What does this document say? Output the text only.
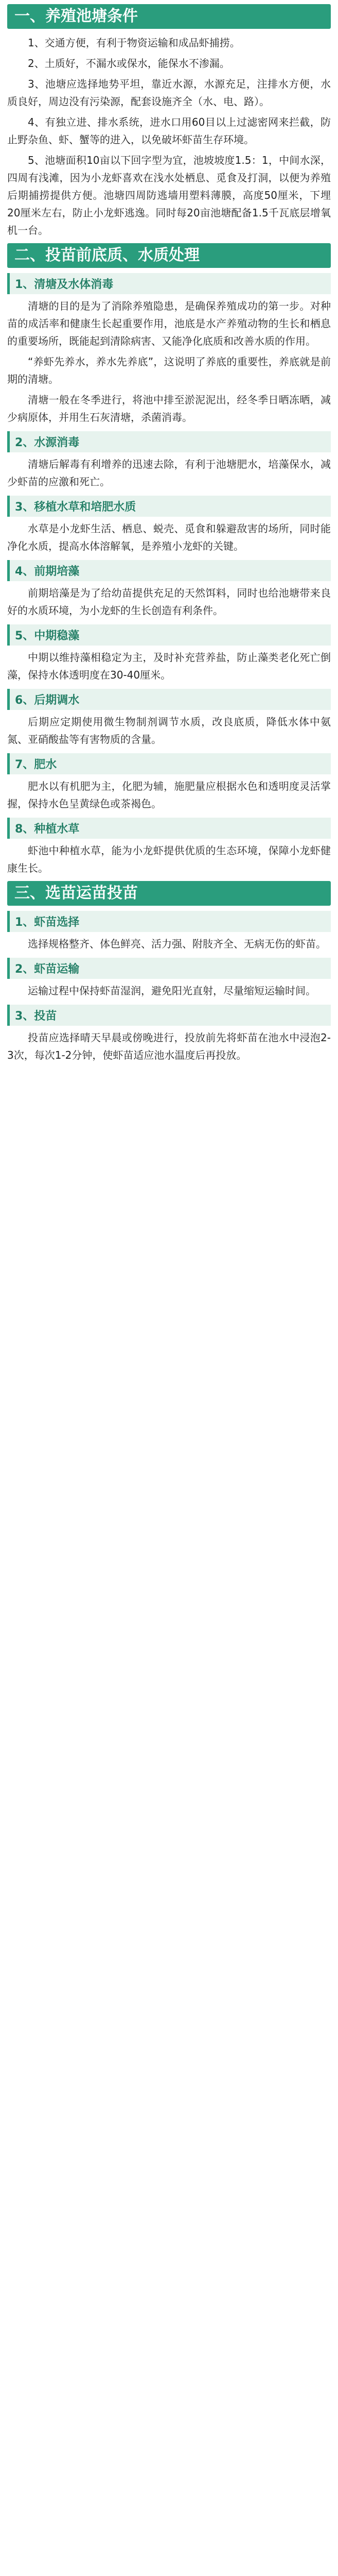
一、养殖池塘条件
1、交通方便，有利于物资运输和成品虾捕捞。
2、土质好，不漏水或保水，能保水不渗漏。
3、池塘应选择地势平坦，靠近水源，水源充足，注排水方便，水质良好，周边没有污染源，配套设施齐全（水、电、路）。
4、有独立进、排水系统，进水口用60目以上过滤密网来拦截，防止野杂鱼、虾、蟹等的进入，以免破坏虾苗生存环境。
5、池塘面积10亩以下回字型为宜，池坡坡度1.5：1，中间水深，四周有浅滩，因为小龙虾喜欢在浅水处栖息、觅食及打洞，以便为养殖后期捕捞提供方便。池塘四周防逃墙用塑料薄膜，高度50厘米，下埋20厘米左右，防止小龙虾逃逸。同时每20亩池塘配备1.5千瓦底层增氧机一台。
二、投苗前底质、水质处理
1、清塘及水体消毒
清塘的目的是为了消除养殖隐患，是确保养殖成功的第一步。对种苗的成活率和健康生长起重要作用，池底是水产养殖动物的生长和栖息的重要场所，既能起到清除病害、又能净化底质和改善水质的作用。
“养虾先养水，养水先养底”，这说明了养底的重要性，养底就是前期的清塘。
清塘一般在冬季进行，将池中排至淤泥泥出，经冬季日晒冻晒，减少病原体，并用生石灰清塘，杀菌消毒。
2、水源消毒
清塘后解毒有利增养的迅速去除，有利于池塘肥水，培藻保水，减少虾苗的应激和死亡。
3、移植水草和培肥水质
水草是小龙虾生活、栖息、蜕壳、觅食和躲避敌害的场所，同时能净化水质，提高水体溶解氧，是养殖小龙虾的关键。
4、前期培藻
前期培藻是为了给幼苗提供充足的天然饵料，同时也给池塘带来良好的水质环境，为小龙虾的生长创造有利条件。
5、中期稳藻
中期以维持藻相稳定为主，及时补充营养盐，防止藻类老化死亡倒藻，保持水体透明度在30-40厘米。
6、后期调水
后期应定期使用微生物制剂调节水质，改良底质，降低水体中氨氮、亚硝酸盐等有害物质的含量。
7、肥水
肥水以有机肥为主，化肥为辅，施肥量应根据水色和透明度灵活掌握，保持水色呈黄绿色或茶褐色。
8、种植水草
虾池中种植水草，能为小龙虾提供优质的生态环境，保障小龙虾健康生长。
三、选苗运苗投苗
1、虾苗选择
选择规格整齐、体色鲜亮、活力强、附肢齐全、无病无伤的虾苗。
2、虾苗运输
运输过程中保持虾苗湿润，避免阳光直射，尽量缩短运输时间。
3、投苗
投苗应选择晴天早晨或傍晚进行，投放前先将虾苗在池水中浸泡2-3次，每次1-2分钟，使虾苗适应池水温度后再投放。
